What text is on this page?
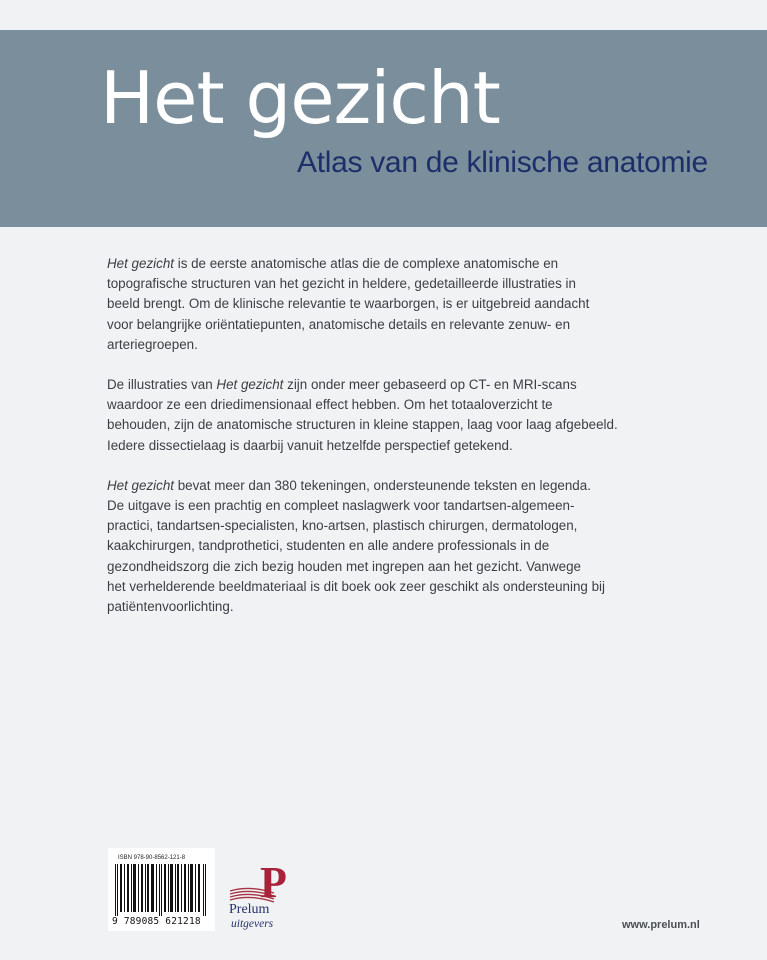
Het gezicht
Atlas van de klinische anatomie

Het gezicht is de eerste anatomische atlas die de complexe anatomische en
topografische structuren van het gezicht in heldere, gedetailleerde illustraties in
beeld brengt. Om de klinische relevantie te waarborgen, is er uitgebreid aandacht
voor belangrijke oriëntatiepunten, anatomische details en relevante zenuw- en
arteriegroepen.

De illustraties van Het gezicht zijn onder meer gebaseerd op CT- en MRI-scans
waardoor ze een driedimensionaal effect hebben. Om het totaaloverzicht te
behouden, zijn de anatomische structuren in kleine stappen, laag voor laag afgebeeld.
Iedere dissectielaag is daarbij vanuit hetzelfde perspectief getekend.

Het gezicht bevat meer dan 380 tekeningen, ondersteunende teksten en legenda.
De uitgave is een prachtig en compleet naslagwerk voor tandartsen-algemeen-
practici, tandartsen-specialisten, kno-artsen, plastisch chirurgen, dermatologen,
kaakchirurgen, tandprothetici, studenten en alle andere professionals in de
gezondheidszorg die zich bezig houden met ingrepen aan het gezicht. Vanwege
het verhelderende beeldmateriaal is dit boek ook zeer geschikt als ondersteuning bij
patiëntenvoorlichting.

ISBN 978-90-8562-121-8
9 789085 621218
P
Prelum
uitgevers	www.prelum.nl
